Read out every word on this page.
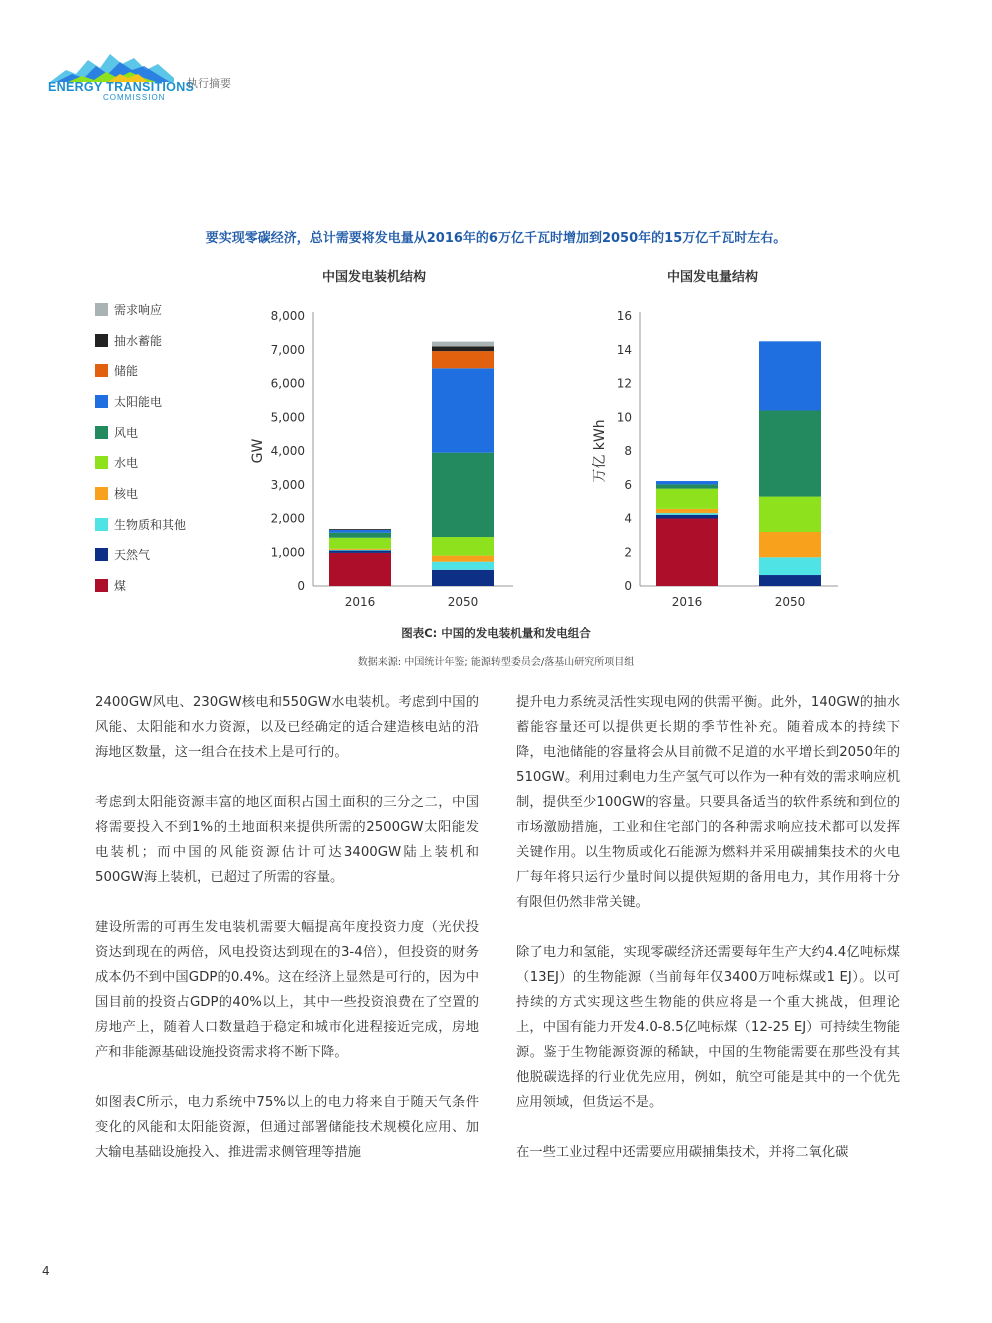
ENERGY TRANSITIONS
COMMISSION
执行摘要
要实现零碳经济，总计需要将发电量从2016年的6万亿千瓦时增加到2050年的15万亿千瓦时左右。
中国发电装机结构	中国发电量结构
需求响应
抽水蓄能
储能
太阳能电
风电
水电
核电
生物质和其他
天然气
煤	0
1,000
2,000
3,000
4,000
5,000
6,000
7,000
8,000
GW
2016	2050
0
2
4
6
8
10
12
14
16
万亿 kWh
2016	2050
图表C: 中国的发电装机量和发电组合
数据来源: 中国统计年鉴; 能源转型委员会/落基山研究所项目组

2400GW风电、230GW核电和550GW水电装机。考虑到中国的风能、太阳能和水力资源，以及已经确定的适合建造核电站的沿海地区数量，这一组合在技术上是可行的。

考虑到太阳能资源丰富的地区面积占国土面积的三分之二，中国将需要投入不到1%的土地面积来提供所需的2500GW太阳能发电装机；而中国的风能资源估计可达3400GW陆上装机和500GW海上装机，已超过了所需的容量。

建设所需的可再生发电装机需要大幅提高年度投资力度（光伏投资达到现在的两倍，风电投资达到现在的3-4倍），但投资的财务成本仍不到中国GDP的0.4%。这在经济上显然是可行的，因为中国目前的投资占GDP的40%以上，其中一些投资浪费在了空置的房地产上，随着人口数量趋于稳定和城市化进程接近完成，房地产和非能源基础设施投资需求将不断下降。

如图表C所示，电力系统中75%以上的电力将来自于随天气条件变化的风能和太阳能资源，但通过部署储能技术规模化应用、加大输电基础设施投入、推进需求侧管理等措施

提升电力系统灵活性实现电网的供需平衡。此外，140GW的抽水蓄能容量还可以提供更长期的季节性补充。随着成本的持续下降，电池储能的容量将会从目前微不足道的水平增长到2050年的510GW。利用过剩电力生产氢气可以作为一种有效的需求响应机制，提供至少100GW的容量。只要具备适当的软件系统和到位的市场激励措施，工业和住宅部门的各种需求响应技术都可以发挥关键作用。以生物质或化石能源为燃料并采用碳捕集技术的火电厂每年将只运行少量时间以提供短期的备用电力，其作用将十分有限但仍然非常关键。

除了电力和氢能，实现零碳经济还需要每年生产大约4.4亿吨标煤（13EJ）的生物能源（当前每年仅3400万吨标煤或1 EJ）。以可持续的方式实现这些生物能的供应将是一个重大挑战，但理论上，中国有能力开发4.0-8.5亿吨标煤（12-25 EJ）可持续生物能源。鉴于生物能源资源的稀缺，中国的生物能需要在那些没有其他脱碳选择的行业优先应用，例如，航空可能是其中的一个优先应用领域，但货运不是。

在一些工业过程中还需要应用碳捕集技术，并将二氧化碳

4
